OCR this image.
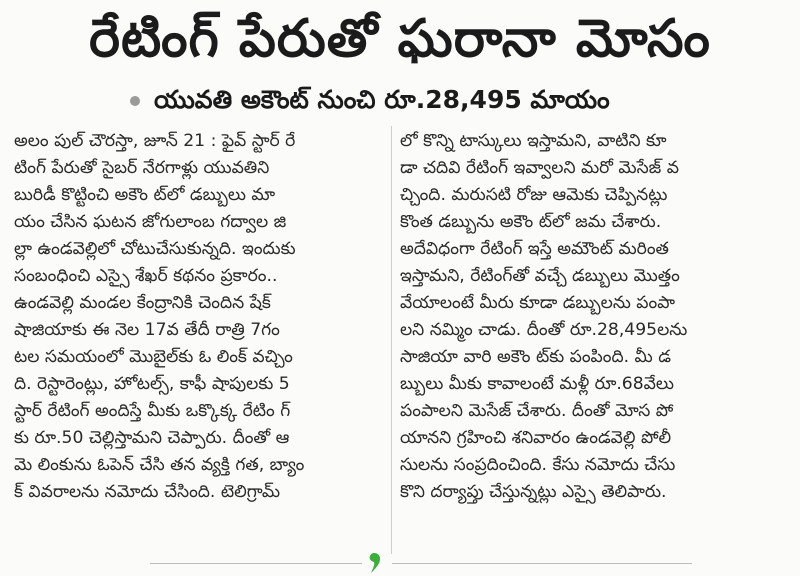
రేటింగ్ పేరుతో ఘరానా మోసం
యువతి అకౌంట్ నుంచి రూ.28,495 మాయం
అలం పుల్ చౌరస్తా, జూన్ 21 : ఫైవ్ స్టార్ రే
టింగ్ పేరుతో సైబర్ నేరగాళ్లు యువతిని
బురిడీ కొట్టించి అకౌం ట్‌లో డబ్బులు మా
యం చేసిన ఘటన జోగులాంబ గద్వాల జి
ల్లా ఉండవెల్లిలో చోటుచేసుకున్నది. ఇందుకు
సంబంధించి ఎస్సై శేఖర్ కథనం ప్రకారం..
ఉండవెల్లి మండల కేంద్రానికి చెందిన షేక్
షాజియాకు ఈ నెల 17వ తేదీ రాత్రి 7గం
టల సమయంలో మొబైల్‌కు ఓ లింక్ వచ్చిం
ది. రెస్టారెంట్లు, హోటల్స్, కాఫీ షాపులకు 5
స్టార్ రేటింగ్ అందిస్తే మీకు ఒక్కొక్క రేటిం గ్
కు రూ.50 చెల్లిస్తామని చెప్పారు. దీంతో ఆ
మె లింకును ఓపెన్ చేసి తన వ్యక్తి గత, బ్యాం
క్ వివరాలను నమోదు చేసింది. టెలిగ్రామ్
లో కొన్ని టాస్కులు ఇస్తామని, వాటిని కూ
డా చదివి రేటింగ్ ఇవ్వాలని మరో మెసేజ్ వ
చ్చింది. మరుసటి రోజు ఆమెకు చెప్పినట్లు
కొంత డబ్బును అకౌం ట్‌లో జమ చేశారు.
అదేవిధంగా రేటింగ్ ఇస్తే అమౌంట్ మరింత
ఇస్తామని, రేటింగ్‌తో వచ్చే డబ్బులు మొత్తం
వేయాలంటే మీరు కూడా డబ్బులను పంపా
లని నమ్మిం చాడు. దీంతో రూ.28,495లను
సాజియా వారి అకౌం ట్‌కు పంపింది. మీ డ
బ్బులు మీకు కావాలంటే మళ్లీ రూ.68వేలు
పంపాలని మెసేజ్ చేశారు. దీంతో మోస పో
యానని గ్రహించి శనివారం ఉండవెల్లి పోలీ
సులను సంప్రదించింది. కేసు నమోదు చేసు
కొని దర్యాప్తు చేస్తున్నట్లు ఎస్సై తెలిపారు.
